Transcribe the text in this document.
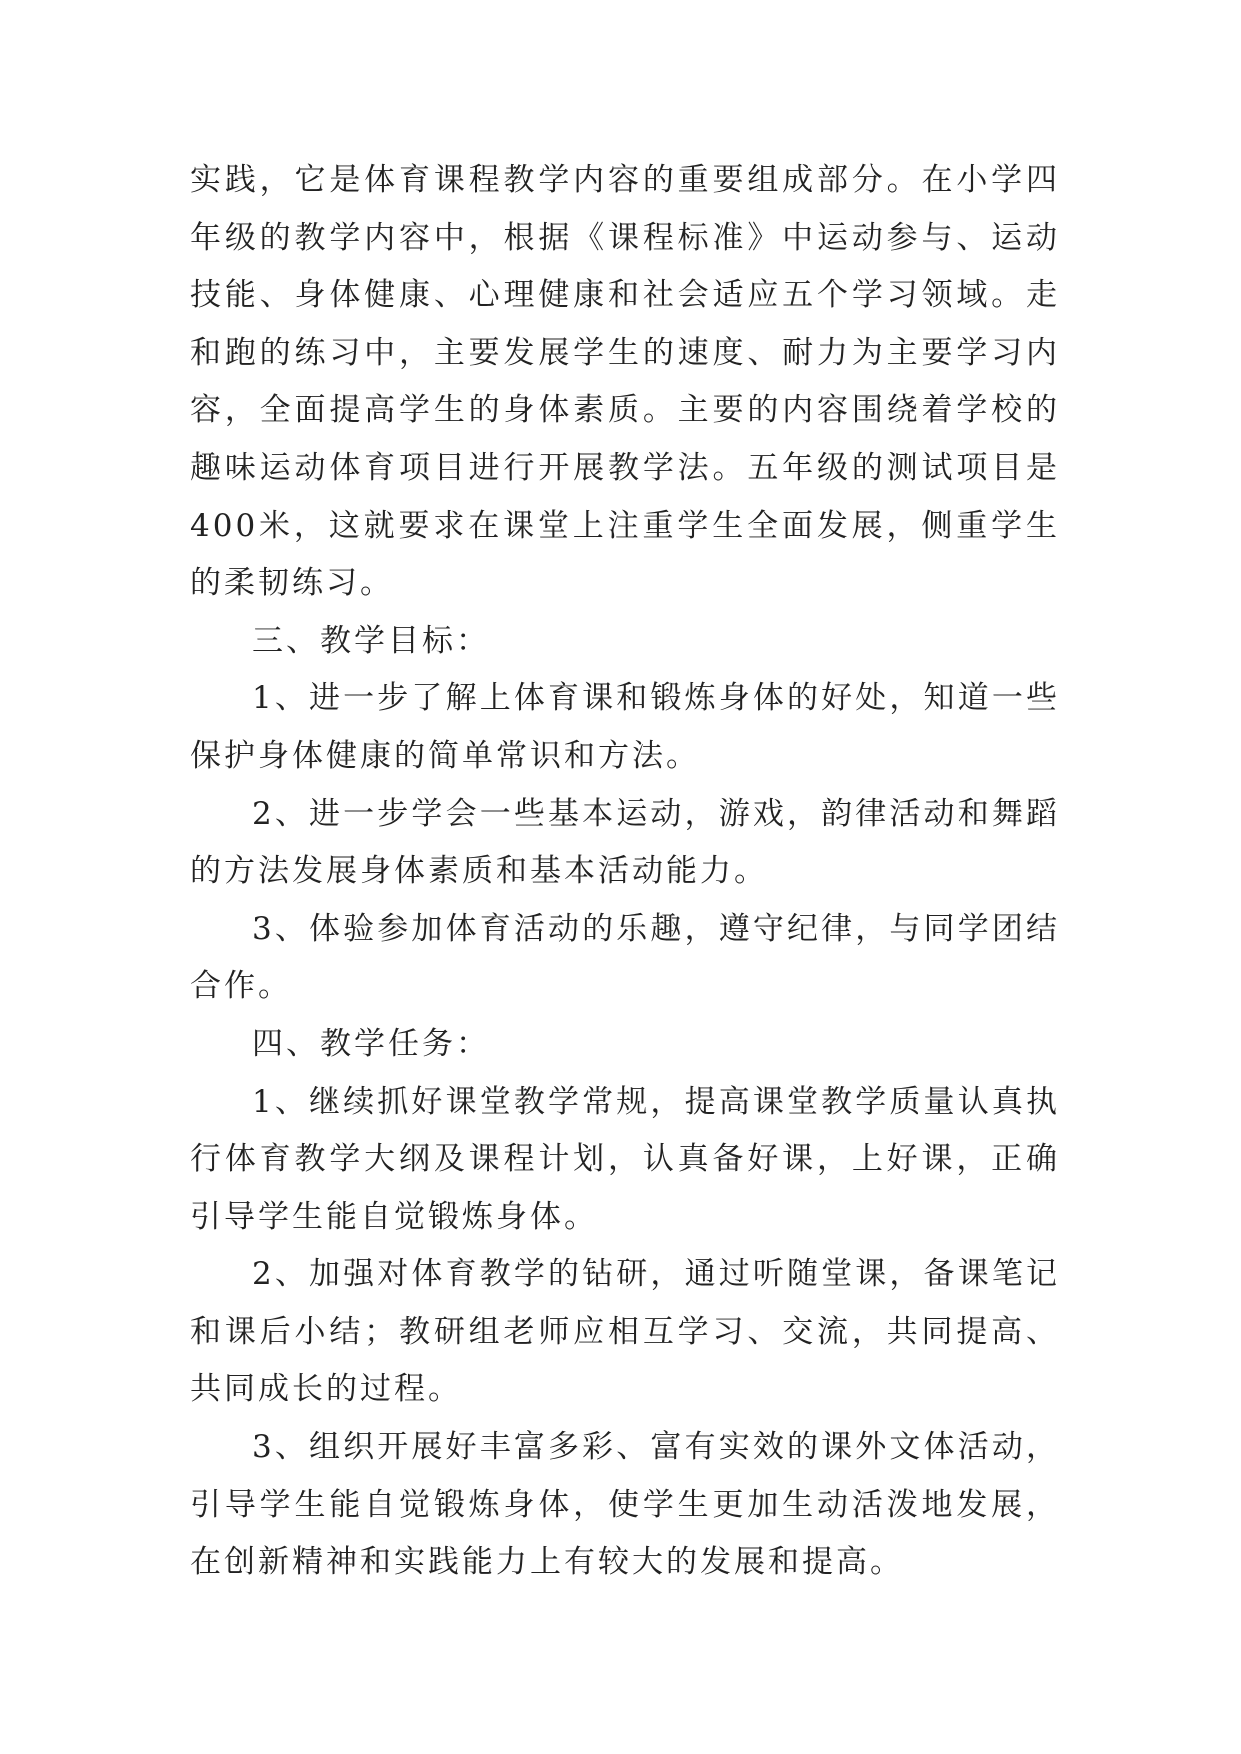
实践，它是体育课程教学内容的重要组成部分。在小学四年级的教学内容中，根据《课程标准》中运动参与、运动技能、身体健康、心理健康和社会适应五个学习领域。走和跑的练习中，主要发展学生的速度、耐力为主要学习内容，全面提高学生的身体素质。主要的内容围绕着学校的趣味运动体育项目进行开展教学法。五年级的测试项目是400米，这就要求在课堂上注重学生全面发展，侧重学生的柔韧练习。

三、教学目标：

1、进一步了解上体育课和锻炼身体的好处，知道一些保护身体健康的简单常识和方法。

2、进一步学会一些基本运动，游戏，韵律活动和舞蹈的方法发展身体素质和基本活动能力。

3、体验参加体育活动的乐趣，遵守纪律，与同学团结合作。

四、教学任务：

1、继续抓好课堂教学常规，提高课堂教学质量认真执行体育教学大纲及课程计划，认真备好课，上好课，正确引导学生能自觉锻炼身体。

2、加强对体育教学的钻研，通过听随堂课，备课笔记和课后小结；教研组老师应相互学习、交流，共同提高、共同成长的过程。

3、组织开展好丰富多彩、富有实效的课外文体活动，引导学生能自觉锻炼身体，使学生更加生动活泼地发展，在创新精神和实践能力上有较大的发展和提高。
